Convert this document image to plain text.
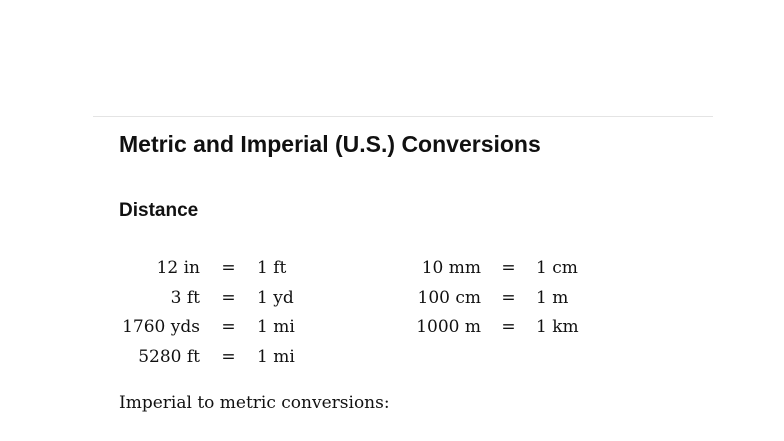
Metric and Imperial (U.S.) Conversions
Distance
12 in	=	1 ft
3 ft	=	1 yd
1760 yds	=	1 mi
5280 ft	=	1 mi
10 mm	=	1 cm
100 cm	=	1 m
1000 m	=	1 km
Imperial to metric conversions:
